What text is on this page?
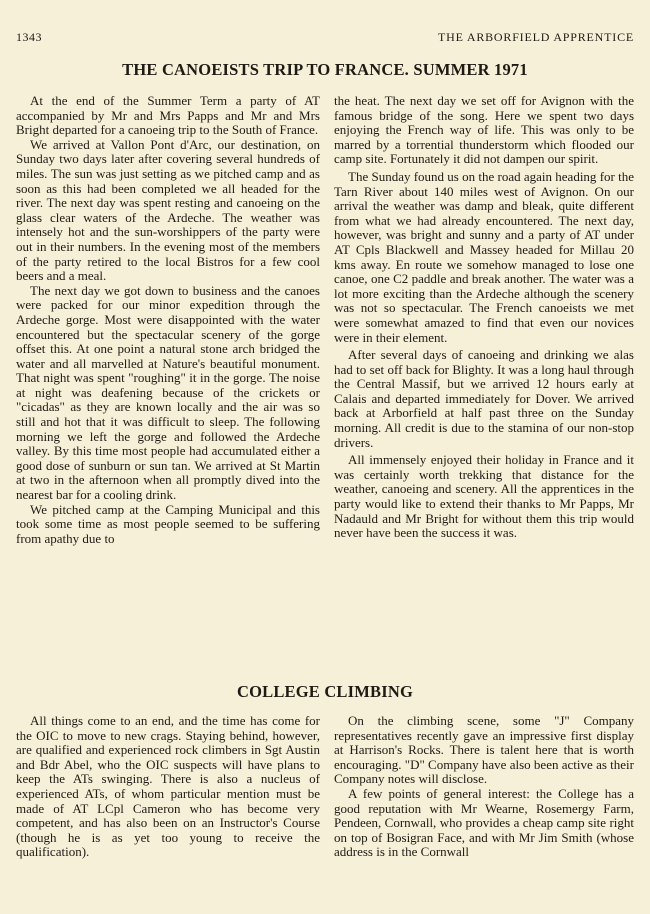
1343	THE ARBORFIELD APPRENTICE
THE CANOEISTS TRIP TO FRANCE. SUMMER 1971

At the end of the Summer Term a party of AT accompanied by Mr and Mrs Papps and Mr and Mrs Bright departed for a canoeing trip to the South of France.

We arrived at Vallon Pont d'Arc, our destination, on Sunday two days later after covering several hundreds of miles. The sun was just setting as we pitched camp and as soon as this had been completed we all headed for the river. The next day was spent resting and canoeing on the glass clear waters of the Ardeche. The weather was intensely hot and the sun-worshippers of the party were out in their numbers. In the evening most of the members of the party retired to the local Bistros for a few cool beers and a meal.

The next day we got down to business and the canoes were packed for our minor expedition through the Ardeche gorge. Most were disappointed with the water encountered but the spectacular scenery of the gorge offset this. At one point a natural stone arch bridged the water and all marvelled at Nature's beautiful monument. That night was spent "roughing" it in the gorge. The noise at night was deafening because of the crickets or "cicadas" as they are known locally and the air was so still and hot that it was difficult to sleep. The following morning we left the gorge and followed the Ardeche valley. By this time most people had accumulated either a good dose of sunburn or sun tan. We arrived at St Martin at two in the afternoon when all promptly dived into the nearest bar for a cooling drink.

We pitched camp at the Camping Municipal and this took some time as most people seemed to be suffering from apathy due to

the heat. The next day we set off for Avignon with the famous bridge of the song. Here we spent two days enjoying the French way of life. This was only to be marred by a torrential thunderstorm which flooded our camp site. Fortunately it did not dampen our spirit.

The Sunday found us on the road again heading for the Tarn River about 140 miles west of Avignon. On our arrival the weather was damp and bleak, quite different from what we had already encountered. The next day, however, was bright and sunny and a party of AT under AT Cpls Blackwell and Massey headed for Millau 20 kms away. En route we somehow managed to lose one canoe, one C2 paddle and break another. The water was a lot more exciting than the Ardeche although the scenery was not so spectacular. The French canoeists we met were somewhat amazed to find that even our novices were in their element.

After several days of canoeing and drinking we alas had to set off back for Blighty. It was a long haul through the Central Massif, but we arrived 12 hours early at Calais and departed immediately for Dover. We arrived back at Arborfield at half past three on the Sunday morning. All credit is due to the stamina of our non-stop drivers.

All immensely enjoyed their holiday in France and it was certainly worth trekking that distance for the weather, canoeing and scenery. All the apprentices in the party would like to extend their thanks to Mr Papps, Mr Nadauld and Mr Bright for without them this trip would never have been the success it was.

COLLEGE CLIMBING

All things come to an end, and the time has come for the OIC to move to new crags. Staying behind, however, are qualified and experienced rock climbers in Sgt Austin and Bdr Abel, who the OIC suspects will have plans to keep the ATs swinging. There is also a nucleus of experienced ATs, of whom particular mention must be made of AT LCpl Cameron who has become very competent, and has also been on an Instructor's Course (though he is as yet too young to receive the qualification).

On the climbing scene, some "J" Company representatives recently gave an impressive first display at Harrison's Rocks. There is talent here that is worth encouraging. "D" Company have also been active as their Company notes will disclose.

A few points of general interest: the College has a good reputation with Mr Wearne, Rosemergy Farm, Pendeen, Cornwall, who provides a cheap camp site right on top of Bosigran Face, and with Mr Jim Smith (whose address is in the Cornwall
